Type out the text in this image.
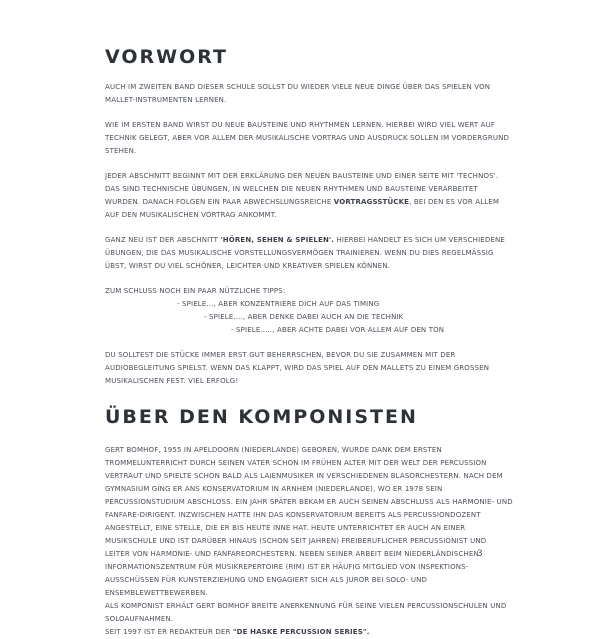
VORWORT

AUCH IM ZWEITEN BAND DIESER SCHULE SOLLST DU WIEDER VIELE NEUE DINGE ÜBER DAS SPIELEN VON MALLET-INSTRUMENTEN LERNEN.

WIE IM ERSTEN BAND WIRST DU NEUE BAUSTEINE UND RHYTHMEN LERNEN. HIERBEI WIRD VIEL WERT AUF TECHNIK GELEGT, ABER VOR ALLEM DER MUSIKALISCHE VORTRAG UND AUSDRUCK SOLLEN IM VORDERGRUND STEHEN.

JEDER ABSCHNITT BEGINNT MIT DER ERKLÄRUNG DER NEUEN BAUSTEINE UND EINER SEITE MIT 'TECHNOS'. DAS SIND TECHNISCHE ÜBUNGEN, IN WELCHEN DIE NEUEN RHYTHMEN UND BAUSTEINE VERARBEITET WURDEN. DANACH FOLGEN EIN PAAR ABWECHSLUNGSREICHE VORTRAGSSTÜCKE, BEI DEN ES VOR ALLEM AUF DEN MUSIKALISCHEN VORTRAG ANKOMMT.

GANZ NEU IST DER ABSCHNITT 'HÖREN, SEHEN & SPIELEN'. HIERBEI HANDELT ES SICH UM VERSCHIEDENE ÜBUNGEN, DIE DAS MUSIKALISCHE VORSTELLUNGSVERMÖGEN TRAINIEREN. WENN DU DIES REGELMÄSSIG ÜBST, WIRST DU VIEL SCHÖNER, LEICHTER UND KREATIVER SPIELEN KÖNNEN.

ZUM SCHLUSS NOCH EIN PAAR NÜTZLICHE TIPPS:

- SPIELE..., ABER KONZENTRIERE DICH AUF DAS TIMING

- SPIELE...., ABER DENKE DABEI AUCH AN DIE TECHNIK

- SPIELE....., ABER ACHTE DABEI VOR ALLEM AUF DEN TON

DU SOLLTEST DIE STÜCKE IMMER ERST GUT BEHERRSCHEN, BEVOR DU SIE ZUSAMMEN MIT DER AUDIOBEGLEITUNG SPIELST. WENN DAS KLAPPT, WIRD DAS SPIEL AUF DEN MALLETS ZU EINEM GROSSEN MUSIKALISCHEN FEST. VIEL ERFOLG!

ÜBER DEN KOMPONISTEN

GERT BOMHOF, 1955 IN APELDOORN (NIEDERLANDE) GEBOREN, WURDE DANK DEM ERSTEN TROMMELUNTERRICHT DURCH SEINEN VATER SCHON IM FRÜHEN ALTER MIT DER WELT DER PERCUSSION VERTRAUT UND SPIELTE SCHON BALD ALS LAIENMUSIKER IN VERSCHIEDENEN BLASORCHESTERN. NACH DEM GYMNASIUM GING ER ANS KONSERVATORIUM IN ARNHEM (NIEDERLANDE), WO ER 1978 SEIN PERCUSSIONSTUDIUM ABSCHLOSS. EIN JAHR SPÄTER BEKAM ER AUCH SEINEN ABSCHLUSS ALS HARMONIE- UND FANFARE-DIRIGENT. INZWISCHEN HATTE IHN DAS KONSERVATORIUM BEREITS ALS PERCUSSIONDOZENT ANGESTELLT, EINE STELLE, DIE ER BIS HEUTE INNE HAT. HEUTE UNTERRICHTET ER AUCH AN EINER MUSIKSCHULE UND IST DARÜBER HINAUS (SCHON SEIT JAHREN) FREIBERUFLICHER PERCUSSIONIST UND LEITER VON HARMONIE- UND FANFAREORCHESTERN. NEBEN SEINER ARBEIT BEIM NIEDERLÄNDISCHEN INFORMATIONSZENTRUM FÜR MUSIKREPERTOIRE (RIM) IST ER HÄUFIG MITGLIED VON INSPEKTIONS-AUSSCHÜSSEN FÜR KUNSTERZIEHUNG UND ENGAGIERT SICH ALS JUROR BEI SOLO- UND ENSEMBLEWETTBEWERBEN.

ALS KOMPONIST ERHÄLT GERT BOMHOF BREITE ANERKENNUNG FÜR SEINE VIELEN PERCUSSIONSCHULEN UND SOLOAUFNAHMEN.

SEIT 1997 IST ER REDAKTEUR DER "DE HASKE PERCUSSION SERIES".

3
